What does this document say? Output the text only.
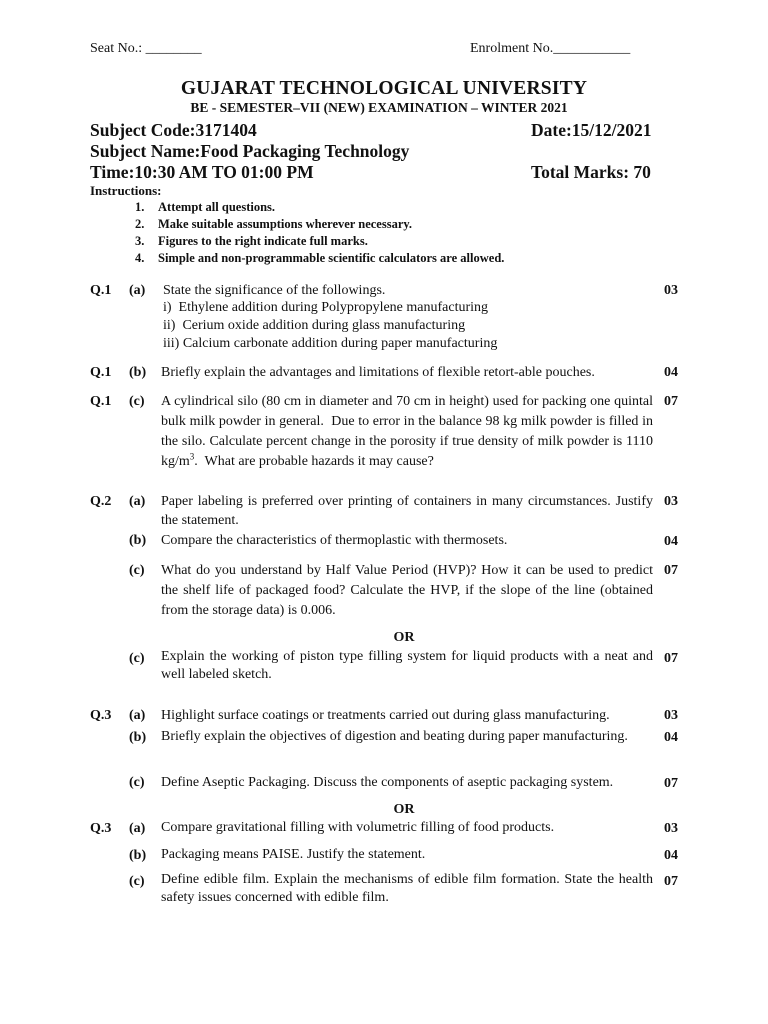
Seat No.: ________	Enrolment No.___________
GUJARAT TECHNOLOGICAL UNIVERSITY
BE - SEMESTER–VII (NEW) EXAMINATION – WINTER 2021
Subject Code:3171404	Date:15/12/2021
Subject Name:Food Packaging Technology
Time:10:30 AM TO 01:00 PM	Total Marks: 70
Instructions:
1. Attempt all questions.
2. Make suitable assumptions wherever necessary.
3. Figures to the right indicate full marks.
4. Simple and non-programmable scientific calculators are allowed.
Q.1 (a) State the significance of the followings.	03
i)  Ethylene addition during Polypropylene manufacturing
ii)  Cerium oxide addition during glass manufacturing
iii) Calcium carbonate addition during paper manufacturing
Q.1 (b) Briefly explain the advantages and limitations of flexible retort-able pouches.	04
Q.1 (c) A cylindrical silo (80 cm in diameter and 70 cm in height) used for packing one quintal bulk milk powder in general.  Due to error in the balance 98 kg milk powder is filled in the silo. Calculate percent change in the porosity if true density of milk powder is 1110 $kg/m^3$.  What are probable hazards it may cause?
07
Q.2 (a) Paper labeling is preferred over printing of containers in many circumstances. Justify the statement.
03
(b) Compare the characteristics of thermoplastic with thermosets.	04
(c) What do you understand by Half Value Period (HVP)? How it can be used to predict the shelf life of packaged food? Calculate the HVP, if the slope of the line (obtained from the storage data) is 0.006.
07
OR
(c) Explain the working of piston type filling system for liquid products with a neat and well labeled sketch.
07
Q.3 (a) Highlight surface coatings or treatments carried out during glass manufacturing.	03
(b) Briefly explain the objectives of digestion and beating during paper manufacturing.	04
(c) Define Aseptic Packaging. Discuss the components of aseptic packaging system.	07
OR
Q.3 (a) Compare gravitational filling with volumetric filling of food products.	03
(b) Packaging means PAISE. Justify the statement.	04
(c) Define edible film. Explain the mechanisms of edible film formation. State the health safety issues concerned with edible film.
07
